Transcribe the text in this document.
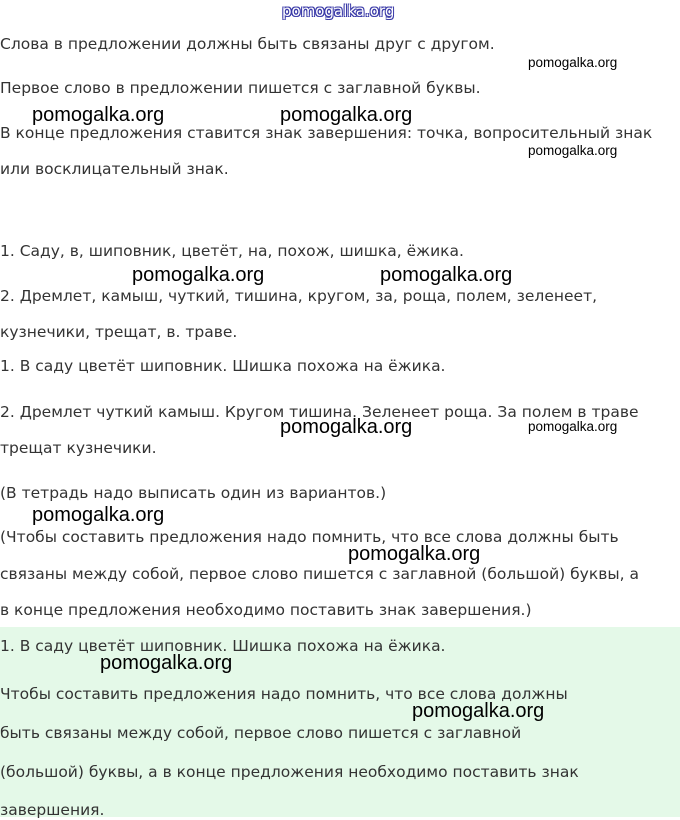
Слова в предложении должны быть связаны друг с другом.

Первое слово в предложении пишется с заглавной буквы.

В конце предложения ставится знак завершения: точка, вопросительный знак

или восклицательный знак.

1. Саду, в, шиповник, цветёт, на, похож, шишка, ёжика.

2. Дремлет, камыш, чуткий, тишина, кругом, за, роща, полем, зеленеет,

кузнечики, трещат, в. траве.

1. В саду цветёт шиповник. Шишка похожа на ёжика.

2. Дремлет чуткий камыш. Кругом тишина. Зеленеет роща. За полем в траве

трещат кузнечики.

(В тетрадь надо выписать один из вариантов.)

(Чтобы составить предложения надо помнить, что все слова должны быть

связаны между собой, первое слово пишется с заглавной (большой) буквы, а

в конце предложения необходимо поставить знак завершения.)

1. В саду цветёт шиповник. Шишка похожа на ёжика.

Чтобы составить предложения надо помнить, что все слова должны

быть связаны между собой, первое слово пишется с заглавной

(большой) буквы, а в конце предложения необходимо поставить знак

завершения.

pomogalka.org
pomogalka.org
pomogalka.org	pomogalka.org
pomogalka.org
pomogalka.org	pomogalka.org
pomogalka.org	pomogalka.org
pomogalka.org
pomogalka.org
pomogalka.org
pomogalka.org
